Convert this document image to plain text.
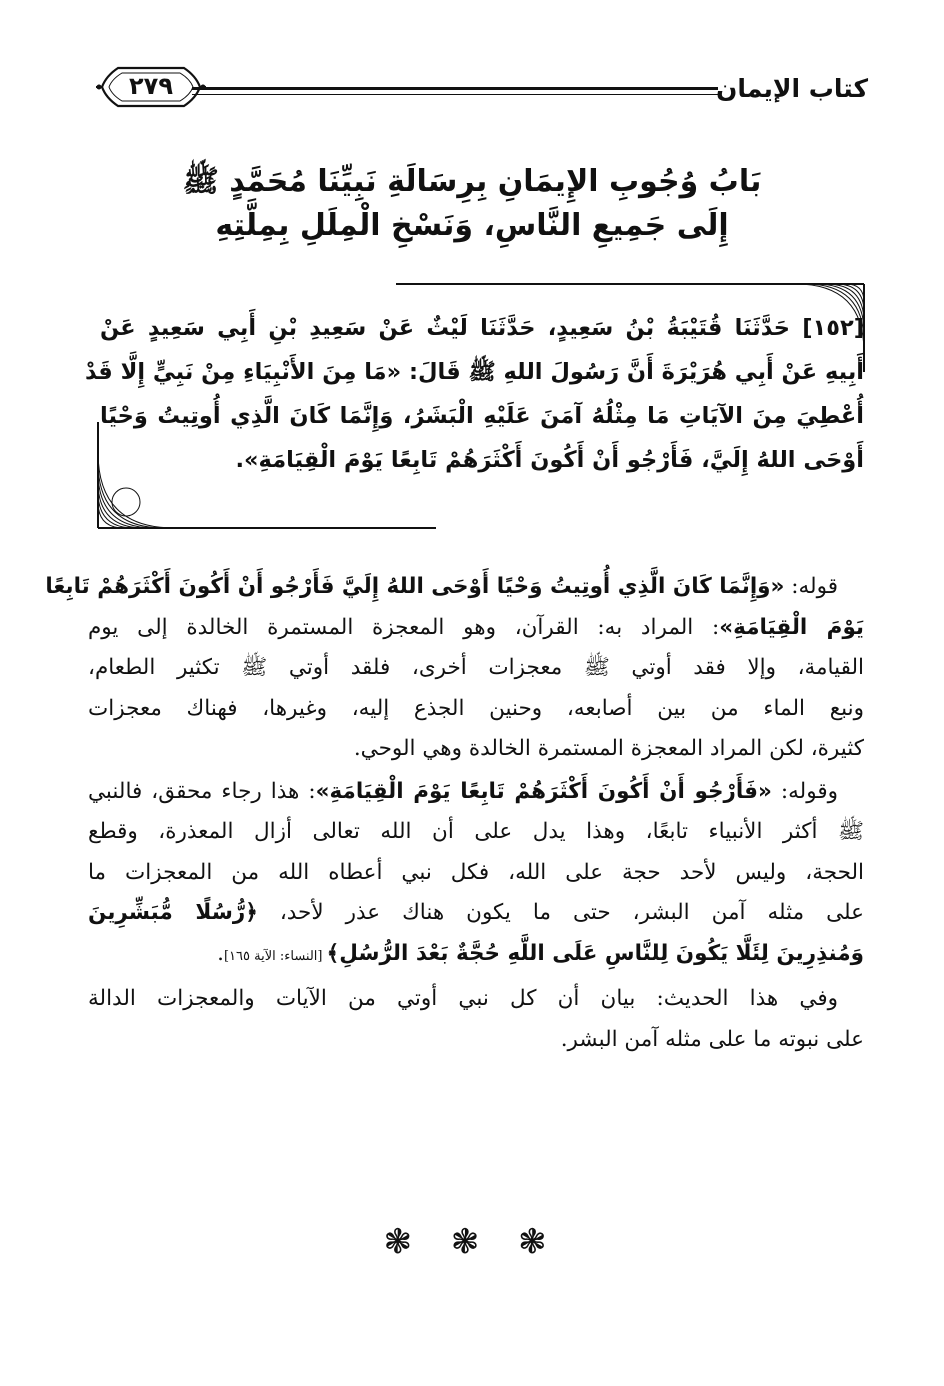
كتاب الإيمان
٢٧٩
بَابُ وُجُوبِ الإِيمَانِ بِرِسَالَةِ نَبِيِّنَا مُحَمَّدٍ ﷺ
إِلَى جَمِيعِ النَّاسِ، وَنَسْخِ الْمِلَلِ بِمِلَّتِهِ
[١٥٢] حَدَّثَنَا قُتَيْبَةُ بْنُ سَعِيدٍ، حَدَّثَنَا لَيْثٌ عَنْ سَعِيدِ بْنِ أَبِي سَعِيدٍ عَنْ
أَبِيهِ عَنْ أَبِي هُرَيْرَةَ أَنَّ رَسُولَ اللهِ ﷺ قَالَ: «مَا مِنَ الأَنْبِيَاءِ مِنْ نَبِيٍّ إِلَّا قَدْ
أُعْطِيَ مِنَ الآيَاتِ مَا مِثْلُهُ آمَنَ عَلَيْهِ الْبَشَرُ، وَإِنَّمَا كَانَ الَّذِي أُوتِيتُ وَحْيًا
أَوْحَى اللهُ إِلَيَّ، فَأَرْجُو أَنْ أَكُونَ أَكْثَرَهُمْ تَابِعًا يَوْمَ الْقِيَامَةِ».
قوله: «وَإِنَّمَا كَانَ الَّذِي أُوتِيتُ وَحْيًا أَوْحَى اللهُ إِلَيَّ فَأَرْجُو أَنْ أَكُونَ أَكْثَرَهُمْ تَابِعًا
يَوْمَ الْقِيَامَةِ»: المراد به: القرآن، وهو المعجزة المستمرة الخالدة إلى يوم
القيامة، وإلا فقد أوتي ﷺ معجزات أخرى، فلقد أوتي ﷺ تكثير الطعام،
ونبع الماء من بين أصابعه، وحنين الجذع إليه، وغيرها، فهناك معجزات
كثيرة، لكن المراد المعجزة المستمرة الخالدة وهي الوحي.
وقوله: «فَأَرْجُو أَنْ أَكُونَ أَكْثَرَهُمْ تَابِعًا يَوْمَ الْقِيَامَةِ»: هذا رجاء محقق، فالنبي
ﷺ أكثر الأنبياء تابعًا، وهذا يدل على أن الله تعالى أزال المعذرة، وقطع
الحجة، وليس لأحد حجة على الله، فكل نبي أعطاه الله من المعجزات ما
على مثله آمن البشر، حتى ما يكون هناك عذر لأحد، ﴿رُّسُلًا مُّبَشِّرِينَ
وَمُنذِرِينَ لِئَلَّا يَكُونَ لِلنَّاسِ عَلَى اللَّهِ حُجَّةٌ بَعْدَ الرُّسُلِ﴾ [النساء: الآية ١٦٥].
وفي هذا الحديث: بيان أن كل نبي أوتي من الآيات والمعجزات الدالة
على نبوته ما على مثله آمن البشر.
❃ ❃ ❃
